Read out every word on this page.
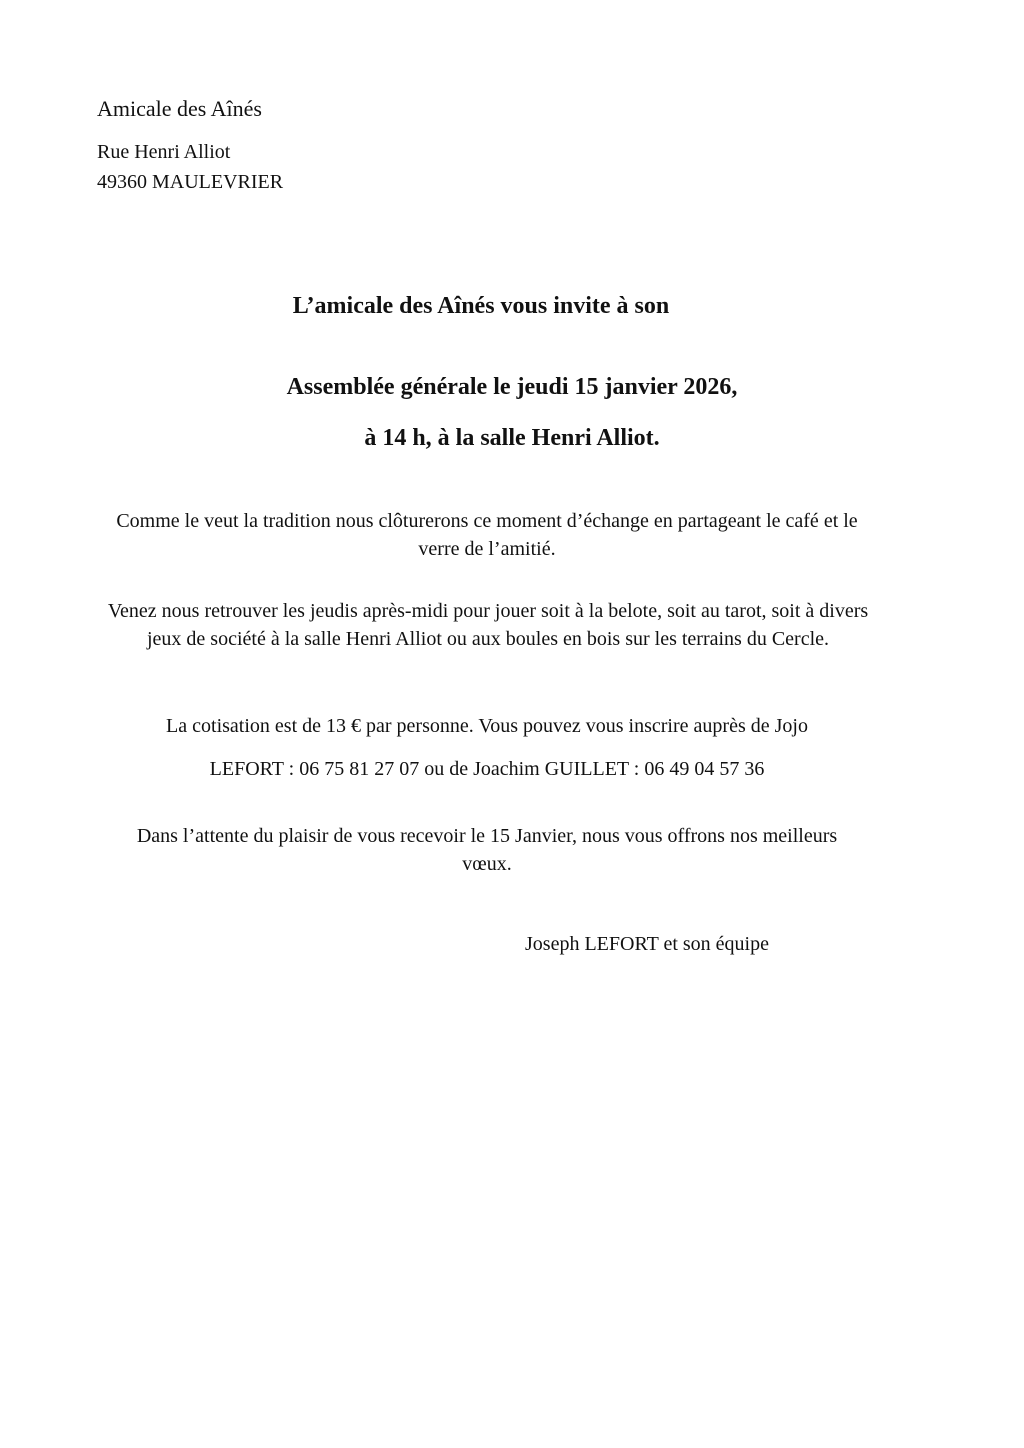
Amicale des Aînés
Rue Henri Alliot
49360 MAULEVRIER
L’amicale des Aînés vous invite à son
Assemblée générale le jeudi 15 janvier 2026,
à 14 h, à la salle Henri Alliot.

Comme le veut la tradition nous clôturerons ce moment d’échange en partageant le café et le verre de l’amitié.

Venez nous retrouver les jeudis après-midi pour jouer soit à la belote, soit au tarot, soit à divers jeux de société à la salle Henri Alliot ou aux boules en bois sur les terrains du Cercle.

La cotisation est de 13 € par personne. Vous pouvez vous inscrire auprès de Jojo

LEFORT : 06 75 81 27 07 ou de Joachim GUILLET : 06 49 04 57 36

Dans l’attente du plaisir de vous recevoir le 15 Janvier, nous vous offrons nos meilleurs vœux.

Joseph LEFORT et son équipe
